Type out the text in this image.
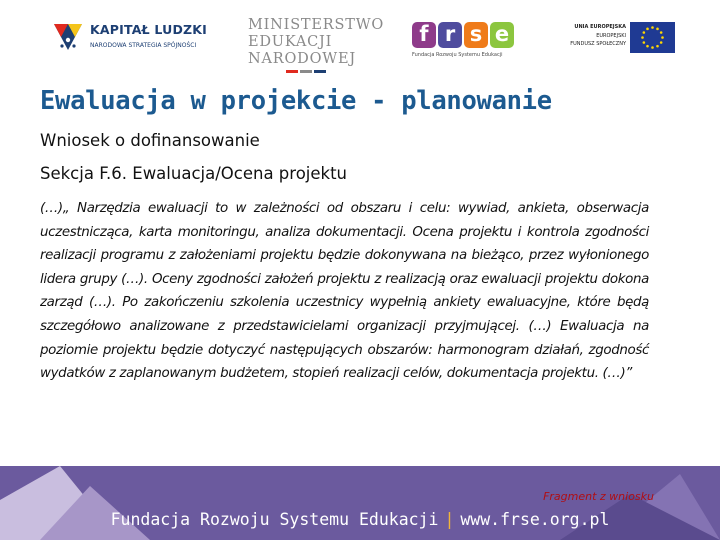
KAPITAŁ LUDZKI
NARODOWA STRATEGIA SPÓJNOŚCI
MINISTERSTWO
EDUKACJI
NARODOWEJ
f r s e
Fundacja Rozwoju Systemu Edukacji
UNIA EUROPEJSKA
EUROPEJSKI
FUNDUSZ SPOŁECZNY
Ewaluacja w projekcie - planowanie
Wniosek o dofinansowanie
Sekcja F.6. Ewaluacja/Ocena projektu
(…)„ Narzędzia ewaluacji to w zależności od obszaru i celu: wywiad, ankieta, obserwacja uczestnicząca, karta monitoringu, analiza dokumentacji. Ocena projektu i kontrola zgodności realizacji programu z założeniami projektu będzie dokonywana na bieżąco, przez wyłonionego lidera grupy (…). Oceny zgodności założeń projektu z realizacją oraz ewaluacji projektu dokona zarząd (…). Po zakończeniu szkolenia uczestnicy wypełnią ankiety ewaluacyjne, które będą szczegółowo analizowane z przedstawicielami organizacji przyjmującej. (…) Ewaluacja na poziomie projektu będzie dotyczyć następujących obszarów: harmonogram działań, zgodność wydatków z zaplanowanym budżetem, stopień realizacji celów, dokumentacja projektu. (…)”
Fragment z wniosku
Fundacja Rozwoju Systemu Edukacji | www.frse.org.pl
